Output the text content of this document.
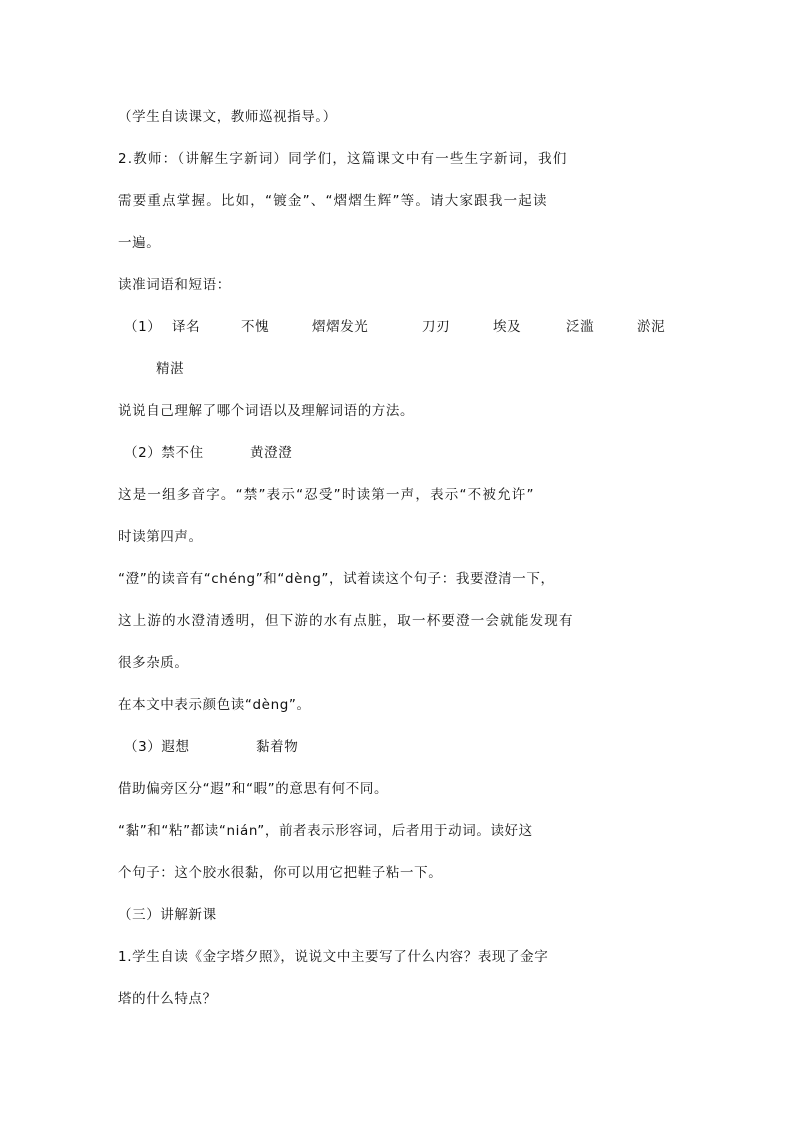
（学生自读课文，教师巡视指导。）
2.教师：（讲解生字新词）同学们，这篇课文中有一些生字新词，我们
需要重点掌握。比如，“镀金”、“熠熠生辉”等。请大家跟我一起读
一遍。
读准词语和短语：
（1） 译名	不愧	熠熠发光	刀刃	埃及	泛滥	淤泥
精湛
说说自己理解了哪个词语以及理解词语的方法。
（2）禁不住	黄澄澄
这是一组多音字。“禁”表示“忍受”时读第一声，表示“不被允许”
时读第四声。
“澄”的读音有“chéng”和“dèng”，试着读这个句子：我要澄清一下，
这上游的水澄清透明，但下游的水有点脏，取一杯要澄一会就能发现有
很多杂质。
在本文中表示颜色读“dèng”。
（3）遐想	黏着物
借助偏旁区分“遐”和“暇”的意思有何不同。
“黏”和“粘”都读“nián”，前者表示形容词，后者用于动词。读好这
个句子：这个胶水很黏，你可以用它把鞋子粘一下。
（三）讲解新课
1.学生自读《金字塔夕照》，说说文中主要写了什么内容？表现了金字
塔的什么特点？
